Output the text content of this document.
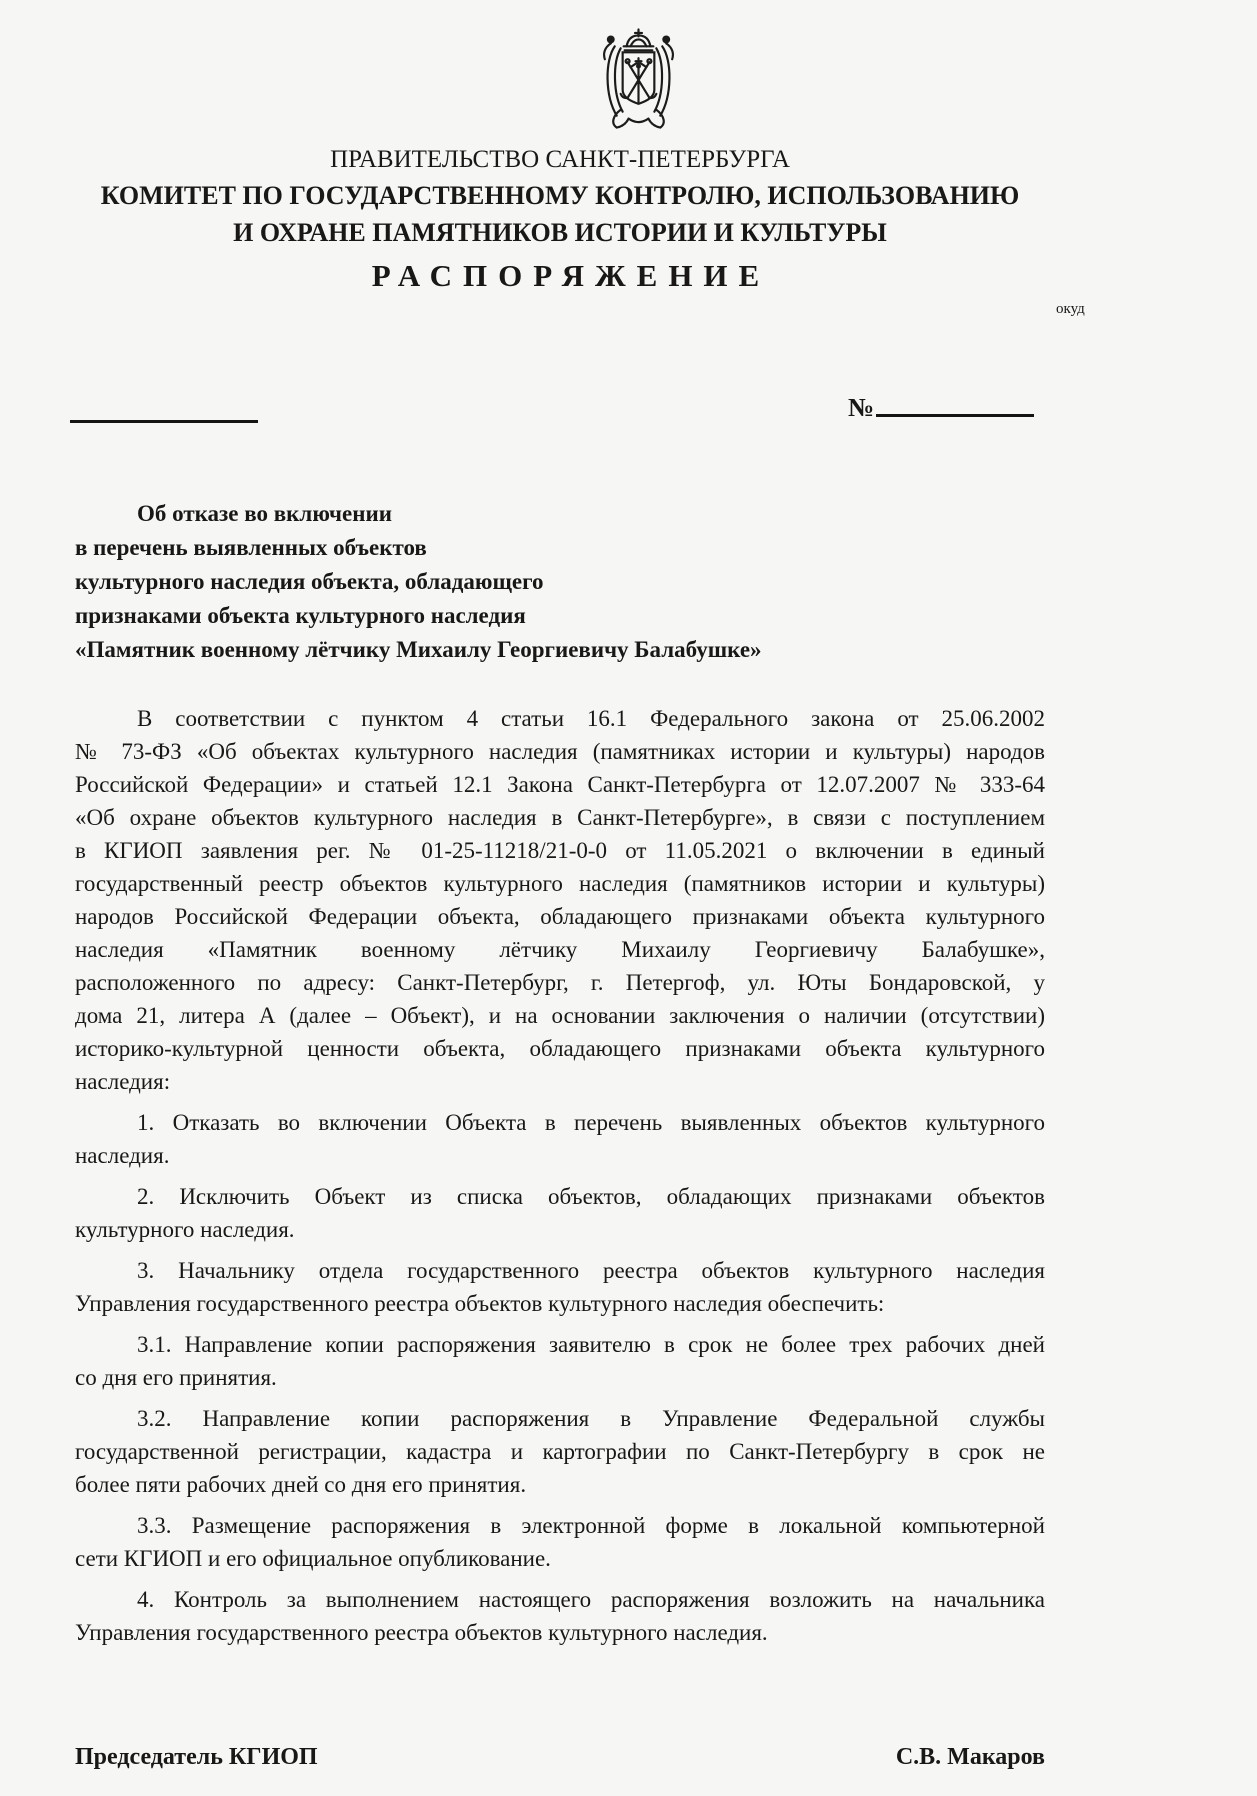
ПРАВИТЕЛЬСТВО САНКТ-ПЕТЕРБУРГА
КОМИТЕТ ПО ГОСУДАРСТВЕННОМУ КОНТРОЛЮ, ИСПОЛЬЗОВАНИЮ
И ОХРАНЕ ПАМЯТНИКОВ ИСТОРИИ И КУЛЬТУРЫ
РАСПОРЯЖЕНИЕ
окуд
№
Об отказе во включении
в перечень выявленных объектов
культурного наследия объекта, обладающего
признаками объекта культурного наследия
«Памятник военному лётчику Михаилу Георгиевичу Балабушке»
В соответствии с пунктом 4 статьи 16.1 Федерального закона от 25.06.2002
№ 73-ФЗ «Об объектах культурного наследия (памятниках истории и культуры) народов
Российской Федерации» и статьей 12.1 Закона Санкт-Петербурга от 12.07.2007 № 333-64
«Об охране объектов культурного наследия в Санкт-Петербурге», в связи с поступлением
в КГИОП заявления рег. № 01-25-11218/21-0-0 от 11.05.2021 о включении в единый
государственный реестр объектов культурного наследия (памятников истории и культуры)
народов Российской Федерации объекта, обладающего признаками объекта культурного
наследия «Памятник военному лётчику Михаилу Георгиевичу Балабушке»,
расположенного по адресу: Санкт-Петербург, г. Петергоф, ул. Юты Бондаровской, у
дома 21, литера А (далее – Объект), и на основании заключения о наличии (отсутствии)
историко-культурной ценности объекта, обладающего признаками объекта культурного
наследия:
1. Отказать во включении Объекта в перечень выявленных объектов культурного
наследия.
2. Исключить Объект из списка объектов, обладающих признаками объектов
культурного наследия.
3. Начальнику отдела государственного реестра объектов культурного наследия
Управления государственного реестра объектов культурного наследия обеспечить:
3.1. Направление копии распоряжения заявителю в срок не более трех рабочих дней
со дня его принятия.
3.2. Направление копии распоряжения в Управление Федеральной службы
государственной регистрации, кадастра и картографии по Санкт-Петербургу в срок не
более пяти рабочих дней со дня его принятия.
3.3. Размещение распоряжения в электронной форме в локальной компьютерной
сети КГИОП и его официальное опубликование.
4. Контроль за выполнением настоящего распоряжения возложить на начальника
Управления государственного реестра объектов культурного наследия.
Председатель КГИОП	С.В. Макаров
